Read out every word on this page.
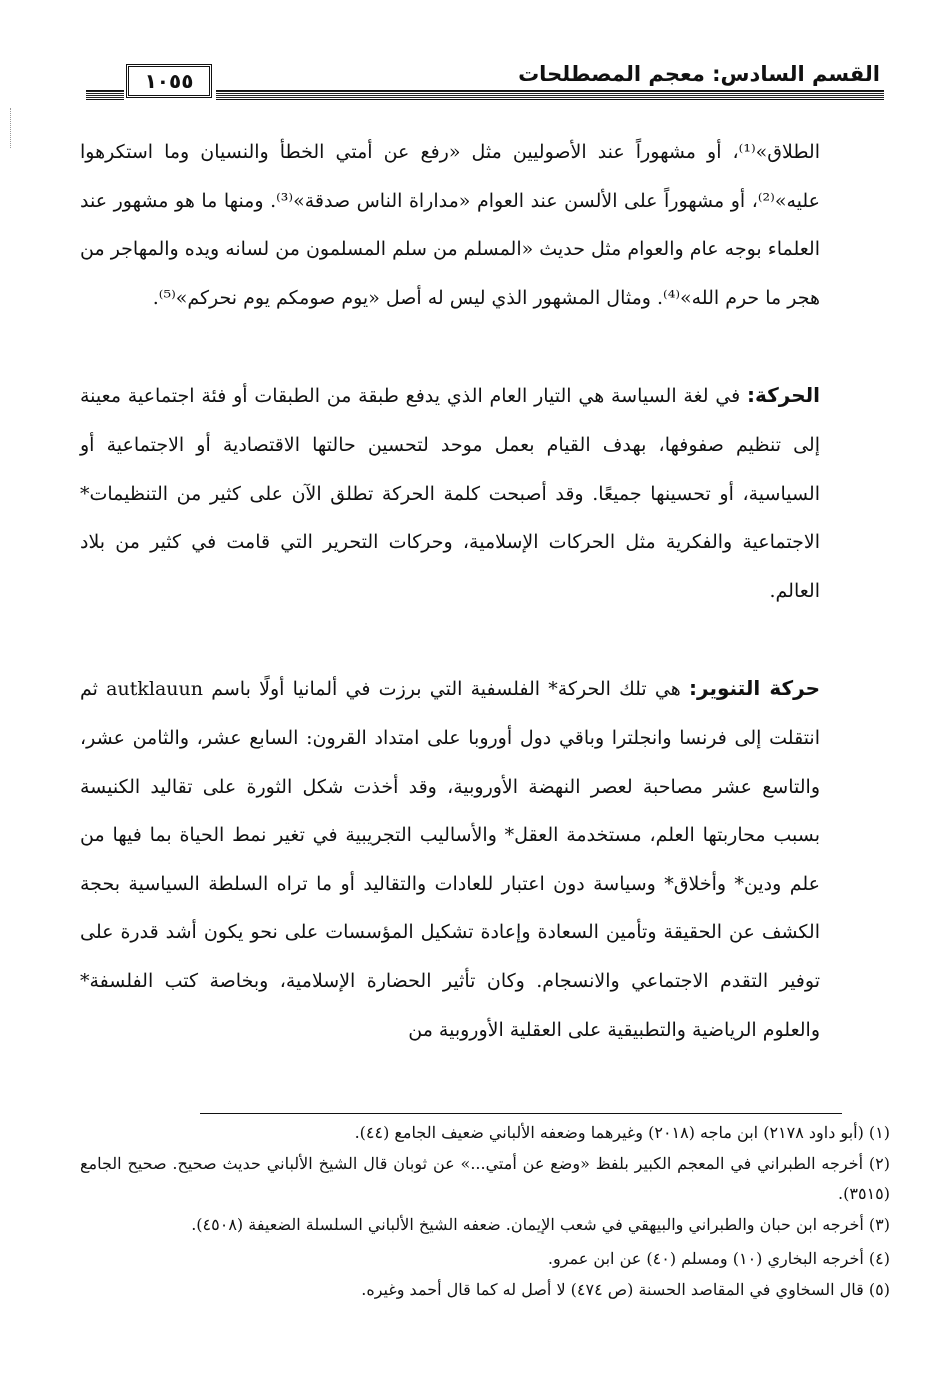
القسم السادس: معجم المصطلحات
١٠٥٥

الطلاق»⁽¹⁾، أو مشهوراً عند الأصوليين مثل «رفع عن أمتي الخطأ والنسيان وما استكرهوا عليه»⁽²⁾، أو مشهوراً على الألسن عند العوام «مداراة الناس صدقة»⁽³⁾. ومنها ما هو مشهور عند العلماء بوجه عام والعوام مثل حديث «المسلم من سلم المسلمون من لسانه ويده والمهاجر من هجر ما حرم الله»⁽⁴⁾. ومثال المشهور الذي ليس له أصل «يوم صومكم يوم نحركم»⁽⁵⁾.

الحركة: في لغة السياسة هي التيار العام الذي يدفع طبقة من الطبقات أو فئة اجتماعية معينة إلى تنظيم صفوفها، بهدف القيام بعمل موحد لتحسين حالتها الاقتصادية أو الاجتماعية أو السياسية، أو تحسينها جميعًا. وقد أصبحت كلمة الحركة تطلق الآن على كثير من التنظيمات* الاجتماعية والفكرية مثل الحركات الإسلامية، وحركات التحرير التي قامت في كثير من بلاد العالم.

حركة التنوير: هي تلك الحركة* الفلسفية التي برزت في ألمانيا أولًا باسم autklauun ثم انتقلت إلى فرنسا وانجلترا وباقي دول أوروبا على امتداد القرون: السابع عشر، والثامن عشر، والتاسع عشر مصاحبة لعصر النهضة الأوروبية، وقد أخذت شكل الثورة على تقاليد الكنيسة بسبب محاربتها العلم، مستخدمة العقل* والأساليب التجريبية في تغير نمط الحياة بما فيها من علم ودين* وأخلاق* وسياسة دون اعتبار للعادات والتقاليد أو ما تراه السلطة السياسية بحجة الكشف عن الحقيقة وتأمين السعادة وإعادة تشكيل المؤسسات على نحو يكون أشد قدرة على توفير التقدم الاجتماعي والانسجام. وكان تأثير الحضارة الإسلامية، وبخاصة كتب الفلسفة* والعلوم الرياضية والتطبيقية على العقلية الأوروبية من

(١) (أبو داود ٢١٧٨) ابن ماجه (٢٠١٨) وغيرهما وضعفه الألباني ضعيف الجامع (٤٤).

(٢) أخرجه الطبراني في المعجم الكبير بلفظ «وضع عن أمتي...» عن ثوبان قال الشيخ الألباني حديث صحيح. صحيح الجامع (٣٥١٥).

(٣) أخرجه ابن حبان والطبراني والبيهقي في شعب الإيمان. ضعفه الشيخ الألباني السلسلة الضعيفة (٤٥٠٨).

(٤) أخرجه البخاري (١٠) ومسلم (٤٠) عن ابن عمرو.

(٥) قال السخاوي في المقاصد الحسنة (ص ٤٧٤) لا أصل له كما قال أحمد وغيره.
